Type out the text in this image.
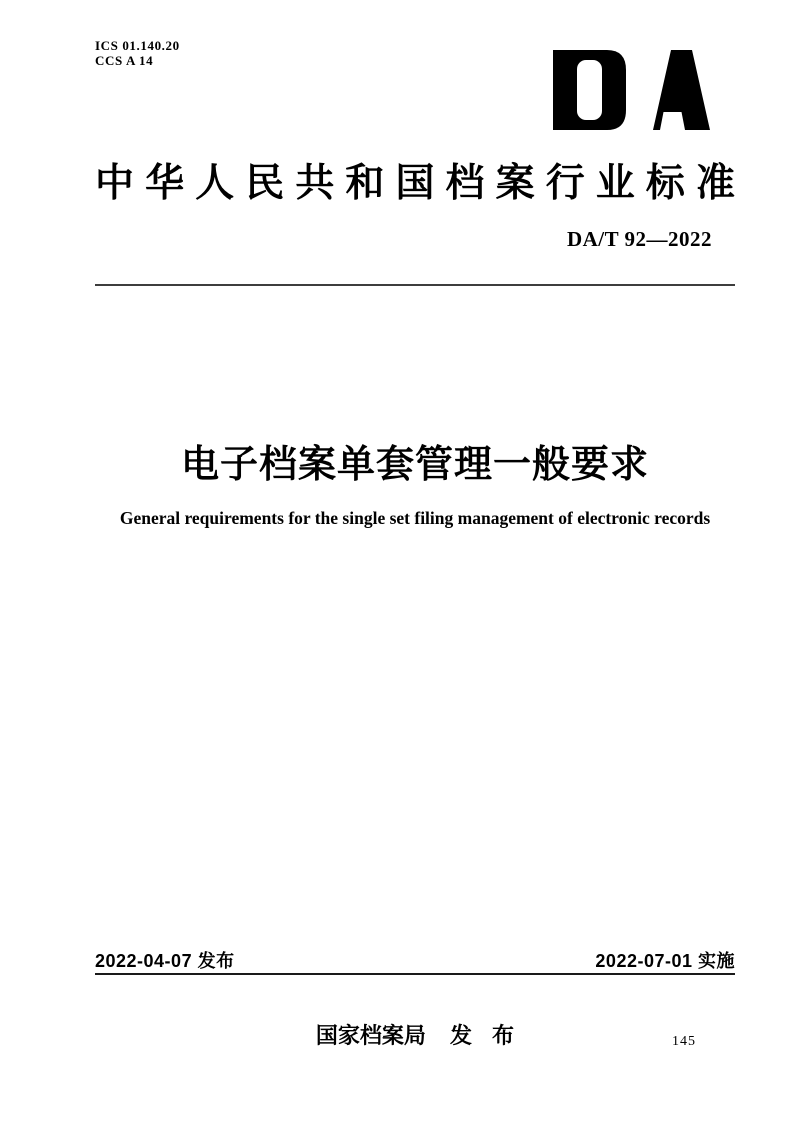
ICS 01.140.20
CCS A 14
中 华 人 民 共 和 国 档 案 行 业 标 准
DA/T 92—2022
电子档案单套管理一般要求
General requirements for the single set filing management of electronic records
2022-04-07 发布	2022-07-01 实施
国家档案局 发 布	145
